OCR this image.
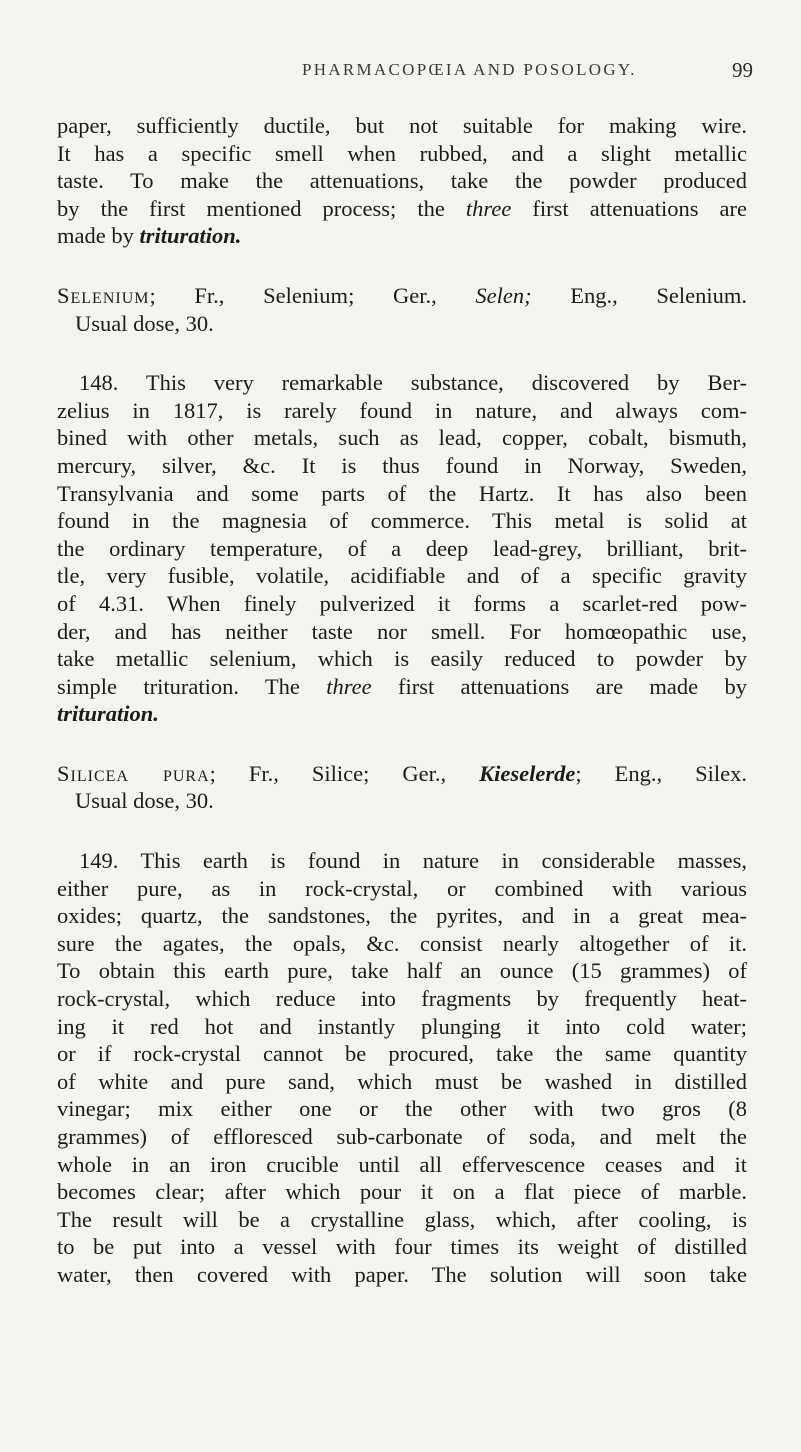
PHARMACOPŒIA AND POSOLOGY.	99
paper, sufficiently ductile, but not suitable for making wire.
It has a specific smell when rubbed, and a slight metallic
taste. To make the attenuations, take the powder produced
by the first mentioned process; the three first attenuations are
made by trituration.
Selenium; Fr., Selenium; Ger., Selen; Eng., Selenium.
Usual dose, 30.
148. This very remarkable substance, discovered by Ber-
zelius in 1817, is rarely found in nature, and always com-
bined with other metals, such as lead, copper, cobalt, bismuth,
mercury, silver, &c. It is thus found in Norway, Sweden,
Transylvania and some parts of the Hartz. It has also been
found in the magnesia of commerce. This metal is solid at
the ordinary temperature, of a deep lead-grey, brilliant, brit-
tle, very fusible, volatile, acidifiable and of a specific gravity
of 4.31. When finely pulverized it forms a scarlet-red pow-
der, and has neither taste nor smell. For homœopathic use,
take metallic selenium, which is easily reduced to powder by
simple trituration. The three first attenuations are made by
trituration.
Silicea pura; Fr., Silice; Ger., Kieselerde; Eng., Silex.
Usual dose, 30.
149. This earth is found in nature in considerable masses,
either pure, as in rock-crystal, or combined with various
oxides; quartz, the sandstones, the pyrites, and in a great mea-
sure the agates, the opals, &c. consist nearly altogether of it.
To obtain this earth pure, take half an ounce (15 grammes) of
rock-crystal, which reduce into fragments by frequently heat-
ing it red hot and instantly plunging it into cold water;
or if rock-crystal cannot be procured, take the same quantity
of white and pure sand, which must be washed in distilled
vinegar; mix either one or the other with two gros (8
grammes) of effloresced sub-carbonate of soda, and melt the
whole in an iron crucible until all effervescence ceases and it
becomes clear; after which pour it on a flat piece of marble.
The result will be a crystalline glass, which, after cooling, is
to be put into a vessel with four times its weight of distilled
water, then covered with paper. The solution will soon take
